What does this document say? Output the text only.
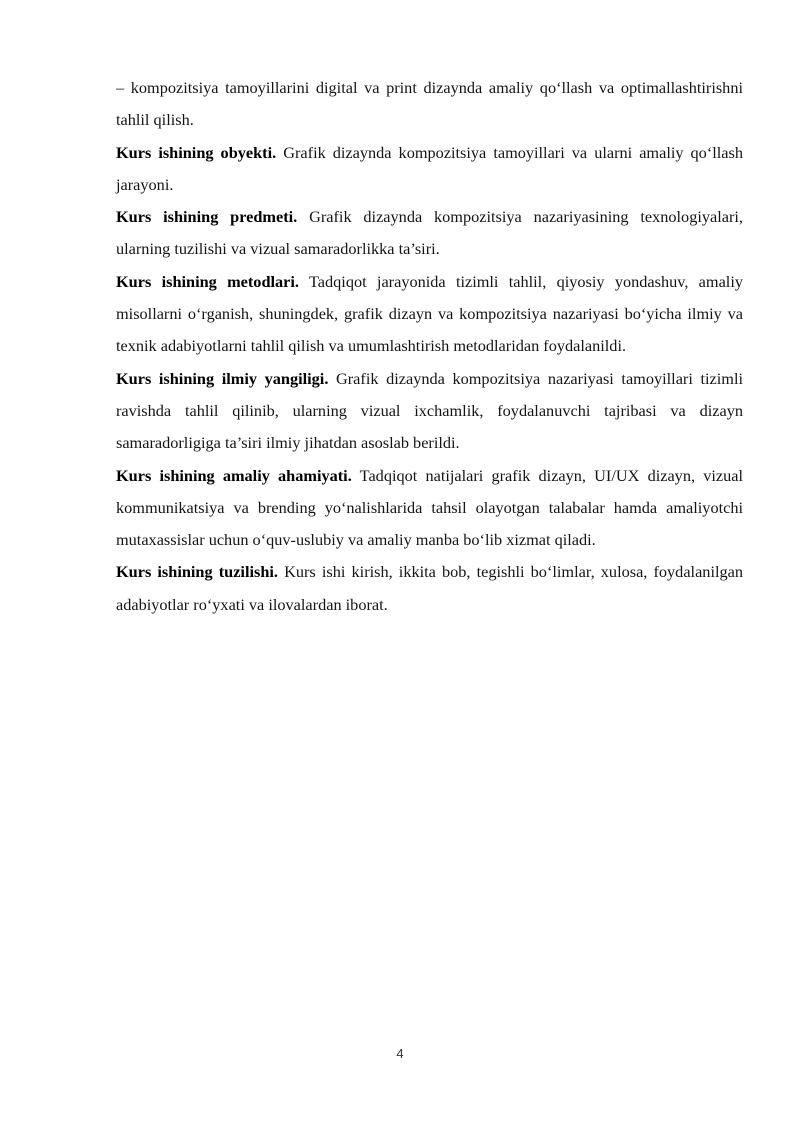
– kompozitsiya tamoyillarini digital va print dizaynda amaliy qo‘llash va optimallashtirishni tahlil qilish.

Kurs ishining obyekti. Grafik dizaynda kompozitsiya tamoyillari va ularni amaliy qo‘llash jarayoni.

Kurs ishining predmeti. Grafik dizaynda kompozitsiya nazariyasining texnologiyalari, ularning tuzilishi va vizual samaradorlikka ta’siri.

Kurs ishining metodlari. Tadqiqot jarayonida tizimli tahlil, qiyosiy yondashuv, amaliy misollarni o‘rganish, shuningdek, grafik dizayn va kompozitsiya nazariyasi bo‘yicha ilmiy va texnik adabiyotlarni tahlil qilish va umumlashtirish metodlaridan foydalanildi.

Kurs ishining ilmiy yangiligi. Grafik dizaynda kompozitsiya nazariyasi tamoyillari tizimli ravishda tahlil qilinib, ularning vizual ixchamlik, foydalanuvchi tajribasi va dizayn samaradorligiga ta’siri ilmiy jihatdan asoslab berildi.

Kurs ishining amaliy ahamiyati. Tadqiqot natijalari grafik dizayn, UI/UX dizayn, vizual kommunikatsiya va brending yo‘nalishlarida tahsil olayotgan talabalar hamda amaliyotchi mutaxassislar uchun o‘quv-uslubiy va amaliy manba bo‘lib xizmat qiladi.

Kurs ishining tuzilishi. Kurs ishi kirish, ikkita bob, tegishli bo‘limlar, xulosa, foydalanilgan adabiyotlar ro‘yxati va ilovalardan iborat.

4
